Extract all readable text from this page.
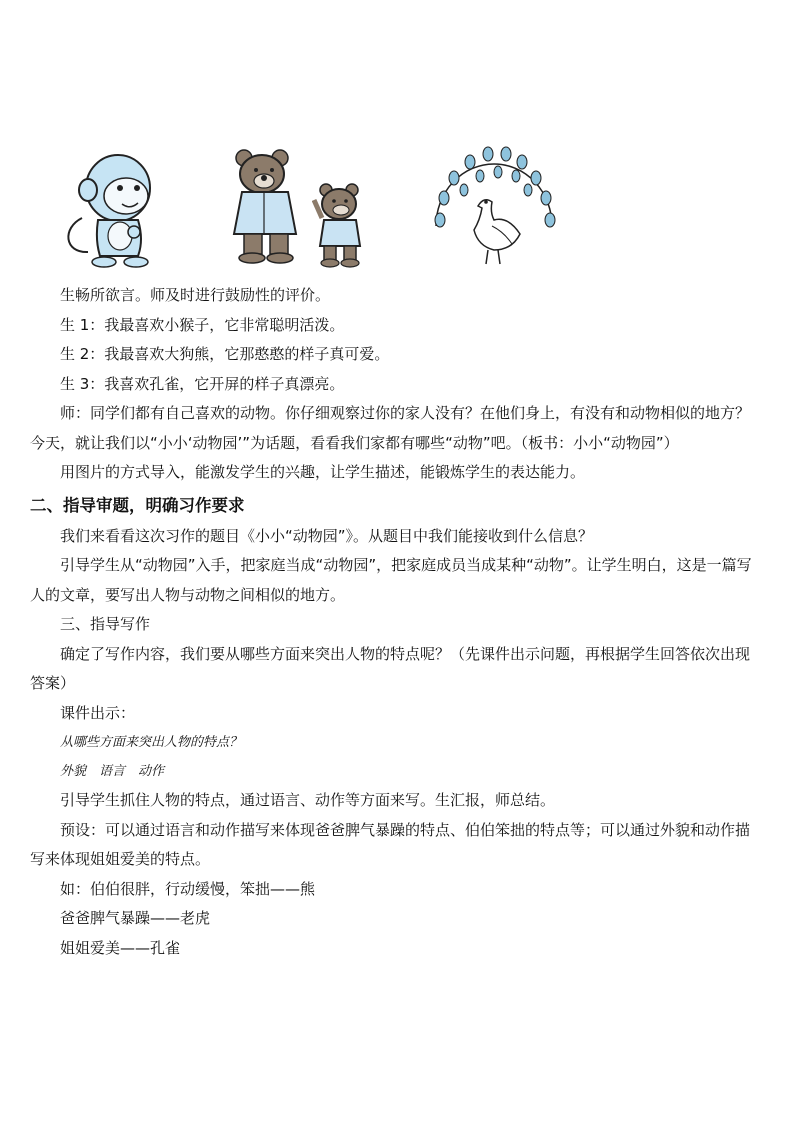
生畅所欲言。师及时进行鼓励性的评价。

生 1：我最喜欢小猴子，它非常聪明活泼。

生 2：我最喜欢大狗熊，它那憨憨的样子真可爱。

生 3：我喜欢孔雀，它开屏的样子真漂亮。

师：同学们都有自己喜欢的动物。你仔细观察过你的家人没有？在他们身上，有没有和动物相似的地方？今天，就让我们以“小小‘动物园’”为话题，看看我们家都有哪些“动物”吧。（板书：小小“动物园”）

用图片的方式导入，能激发学生的兴趣，让学生描述，能锻炼学生的表达能力。

二、指导审题，明确习作要求

我们来看看这次习作的题目《小小“动物园”》。从题目中我们能接收到什么信息？

引导学生从“动物园”入手，把家庭当成“动物园”，把家庭成员当成某种“动物”。让学生明白，这是一篇写人的文章，要写出人物与动物之间相似的地方。

三、指导写作

确定了写作内容，我们要从哪些方面来突出人物的特点呢？（先课件出示问题，再根据学生回答依次出现答案）

课件出示：

从哪些方面来突出人物的特点？

外貌　语言　动作

引导学生抓住人物的特点，通过语言、动作等方面来写。生汇报，师总结。

预设：可以通过语言和动作描写来体现爸爸脾气暴躁的特点、伯伯笨拙的特点等；可以通过外貌和动作描写来体现姐姐爱美的特点。

如：伯伯很胖，行动缓慢，笨拙——熊

爸爸脾气暴躁——老虎

姐姐爱美——孔雀
